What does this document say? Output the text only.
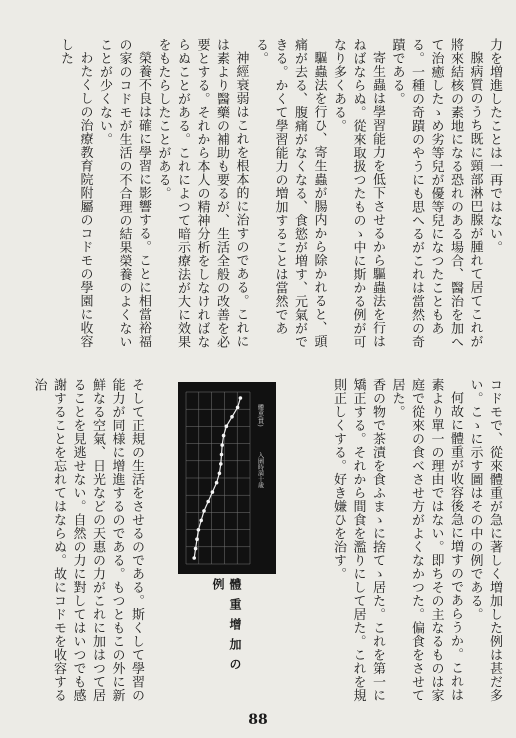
力を増進したことは一再ではない。

腺病質のうち既に頸部淋巴腺が腫れて居てこれが將來結核の素地になる恐れのある場合、醫治を加へて治癒したゝめ劣等兒が優等兒になつたこともある。一種の奇蹟のやうにも思へるがこれは當然の奇蹟である。

寄生蟲は學習能力を低下させるから驅蟲法を行はねばならぬ。從來取扱つたものゝ中に斯かる例が可なり多くある。

驅蟲法を行ひ、寄生蟲が腸内から除かれると、頭痛が去る、腹痛がなくなる、食慾が増す、元氣ができる。かくて學習能力の増加することは當然である。

神經衰弱はこれを根本的に治すのである。これには素より醫藥の補助も要るが、生活全般の改善を必要とする。それから本人の精神分析をしなければならぬことがある。これによつて暗示療法が大に效果をもたらしたことがある。

榮養不良は確に學習に影響する。ことに相當裕福の家のコドモが生活の不合理の結果榮養のよくないことが少くない。

わたくしの治療教育院附屬のコドモの學園に收容した

體重(貫)
入園時満十歳
體重增加の例	コドモで、從來體重が急に著しく増加した例は甚だ多い。こゝに示す圖はその中の例である。

何故に體重が收容後急に増すのであらうか。これは素より單一の理由ではない。即ちその主なるものは家庭で從來の食べさせ方がよくなかつた。偏食をさせて居た。

香の物で茶漬を食ふまゝに捨てゝ居た。これを第一に矯正する。それから間食を濫りにして居た。これを規則正しくする。好き嫌ひを治す。

そして正規の生活をさせるのである。斯くして學習の能力が同様に增進するのである。もつともこの外に新鮮なる空氣、日光などの天惠の力がこれに加はつて居ることを見逃せない。自然の力に對してはいつでも感謝することを忘れてはならぬ。故にコドモを收容する治

88
